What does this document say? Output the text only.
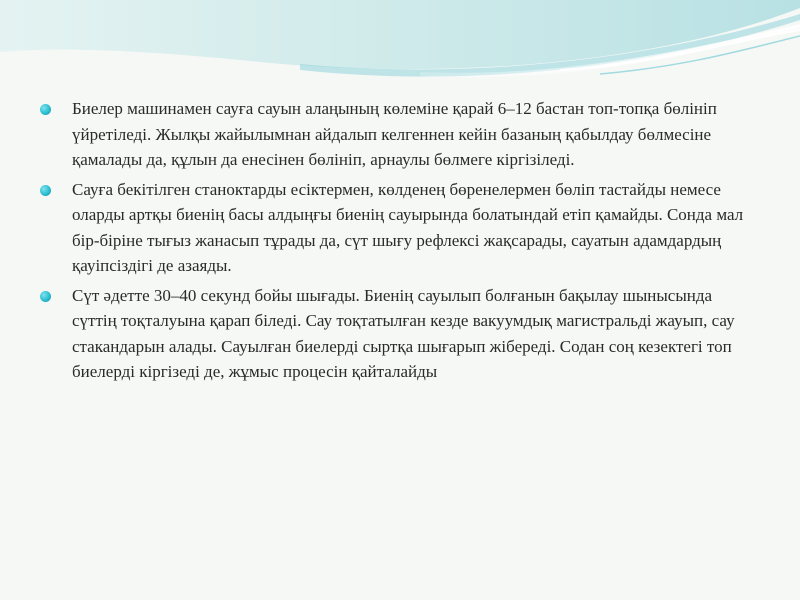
Биелер машинамен сауға сауын алаңының көлеміне қарай 6–12 бастан топ-топқа бөлініп үйретіледі. Жылқы жайылымнан айдалып келгеннен кейін базаның қабылдау бөлмесіне қамалады да, құлын да енесінен бөлініп, арнаулы бөлмеге кіргізіледі.
Сауға бекітілген станоктарды есіктермен, көлденең бөренелермен бөліп тастайды немесе оларды артқы биенің басы алдыңғы биенің сауырында болатындай етіп қамайды. Сонда мал бір-біріне тығыз жанасып тұрады да, сүт шығу рефлексі жақсарады, сауатын адамдардың қауіпсіздігі де азаяды.
Сүт әдетте 30–40 секунд бойы шығады. Биенің сауылып болғанын бақылау шынысында сүттің тоқталуына қарап біледі. Сау тоқтатылған кезде вакуумдық магистральді жауып, сау стакандарын алады. Сауылған биелерді сыртқа шығарып жібереді. Содан соң кезектегі топ биелерді кіргізеді де, жұмыс процесін қайталайды
